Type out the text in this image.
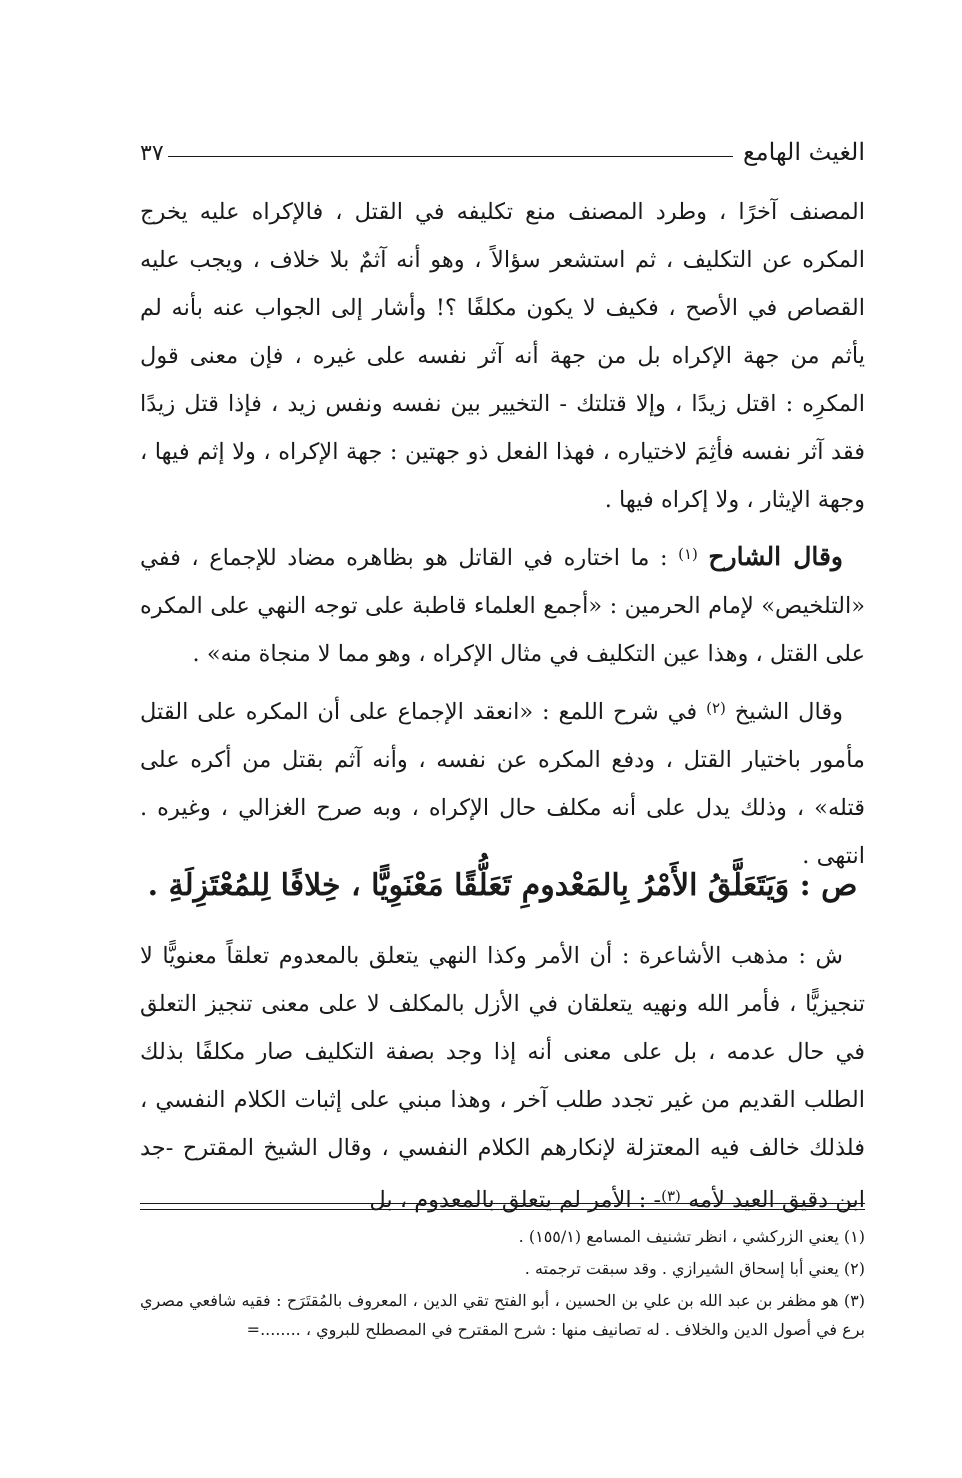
الغيث الهامع
٣٧

المصنف آخرًا ، وطرد المصنف منع تكليفه في القتل ، فالإكراه عليه يخرج المكره عن التكليف ، ثم استشعر سؤالاً ، وهو أنه آثمٌ بلا خلاف ، ويجب عليه القصاص في الأصح ، فكيف لا يكون مكلفًا ؟! وأشار إلى الجواب عنه بأنه لم يأثم من جهة الإكراه بل من جهة أنه آثر نفسه على غيره ، فإن معنى قول المكرِه : اقتل زيدًا ، وإلا قتلتك - التخيير بين نفسه ونفس زيد ، فإذا قتل زيدًا فقد آثر نفسه فأثِمَ لاختياره ، فهذا الفعل ذو جهتين : جهة الإكراه ، ولا إثم فيها ، وجهة الإيثار ، ولا إكراه فيها .

وقال الشارح $^{(١)}$ : ما اختاره في القاتل هو بظاهره مضاد للإجماع ، ففي «التلخيص» لإمام الحرمين : «أجمع العلماء قاطبة على توجه النهي على المكره على القتل ، وهذا عين التكليف في مثال الإكراه ، وهو مما لا منجاة منه» .

وقال الشيخ $^{(٢)}$ في شرح اللمع : «انعقد الإجماع على أن المكره على القتل مأمور باختيار القتل ، ودفع المكره عن نفسه ، وأنه آثم بقتل من أكره على قتله» ، وذلك يدل على أنه مكلف حال الإكراه ، وبه صرح الغزالي ، وغيره . انتهى .

ص : وَيَتَعَلَّقُ الأَمْرُ بِالمَعْدومِ تَعَلُّقًا مَعْنَوِيًّا ، خِلافًا لِلمُعْتَزِلَةِ .

ش : مذهب الأشاعرة : أن الأمر وكذا النهي يتعلق بالمعدوم تعلقاً معنويًّا لا تنجيزيًّا ، فأمر الله ونهيه يتعلقان في الأزل بالمكلف لا على معنى تنجيز التعلق في حال عدمه ، بل على معنى أنه إذا وجد بصفة التكليف صار مكلفًا بذلك الطلب القديم من غير تجدد طلب آخر ، وهذا مبني على إثبات الكلام النفسي ، فلذلك خالف فيه المعتزلة لإنكارهم الكلام النفسي ، وقال الشيخ المقترح -جد ابن دقيق العيد لأمه $^{(٣)}$- : الأمر لم يتعلق بالمعدوم ، بل

(١) يعني الزركشي ، انظر تشنيف المسامع (١٥٥/١) .

(٢) يعني أبا إسحاق الشيرازي . وقد سبقت ترجمته .

(٣) هو مظفر بن عبد الله بن علي بن الحسين ، أبو الفتح تقي الدين ، المعروف بالمُقتَرَح : فقيه شافعي مصري برع في أصول الدين والخلاف . له تصانيف منها : شرح المقترح في المصطلح للبروي ، ........=
